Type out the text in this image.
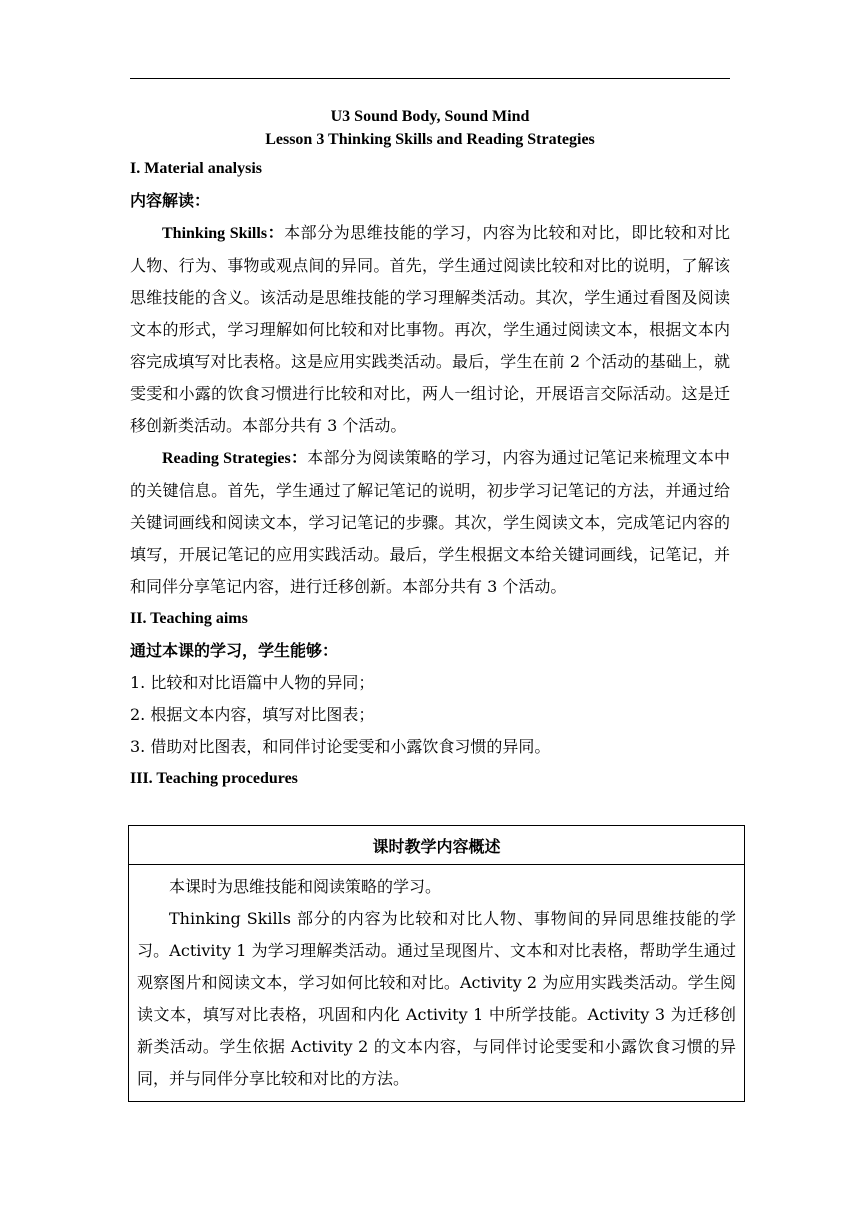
U3 Sound Body, Sound Mind
Lesson 3 Thinking Skills and Reading Strategies
I. Material analysis
内容解读：

Thinking Skills：本部分为思维技能的学习，内容为比较和对比，即比较和对比人物、行为、事物或观点间的异同。首先，学生通过阅读比较和对比的说明，了解该思维技能的含义。该活动是思维技能的学习理解类活动。其次，学生通过看图及阅读文本的形式，学习理解如何比较和对比事物。再次，学生通过阅读文本，根据文本内容完成填写对比表格。这是应用实践类活动。最后，学生在前 2 个活动的基础上，就雯雯和小露的饮食习惯进行比较和对比，两人一组讨论，开展语言交际活动。这是迁移创新类活动。本部分共有 3 个活动。

Reading Strategies：本部分为阅读策略的学习，内容为通过记笔记来梳理文本中的关键信息。首先，学生通过了解记笔记的说明，初步学习记笔记的方法，并通过给关键词画线和阅读文本，学习记笔记的步骤。其次，学生阅读文本，完成笔记内容的填写，开展记笔记的应用实践活动。最后，学生根据文本给关键词画线，记笔记，并和同伴分享笔记内容，进行迁移创新。本部分共有 3 个活动。

II. Teaching aims
通过本课的学习，学生能够：

1. 比较和对比语篇中人物的异同；

2. 根据文本内容，填写对比图表；

3. 借助对比图表，和同伴讨论雯雯和小露饮食习惯的异同。

III. Teaching procedures
课时教学内容概述

本课时为思维技能和阅读策略的学习。

Thinking Skills 部分的内容为比较和对比人物、事物间的异同思维技能的学习。Activity 1 为学习理解类活动。通过呈现图片、文本和对比表格，帮助学生通过观察图片和阅读文本，学习如何比较和对比。Activity 2 为应用实践类活动。学生阅读文本，填写对比表格，巩固和内化 Activity 1 中所学技能。Activity 3 为迁移创新类活动。学生依据 Activity 2 的文本内容，与同伴讨论雯雯和小露饮食习惯的异同，并与同伴分享比较和对比的方法。
